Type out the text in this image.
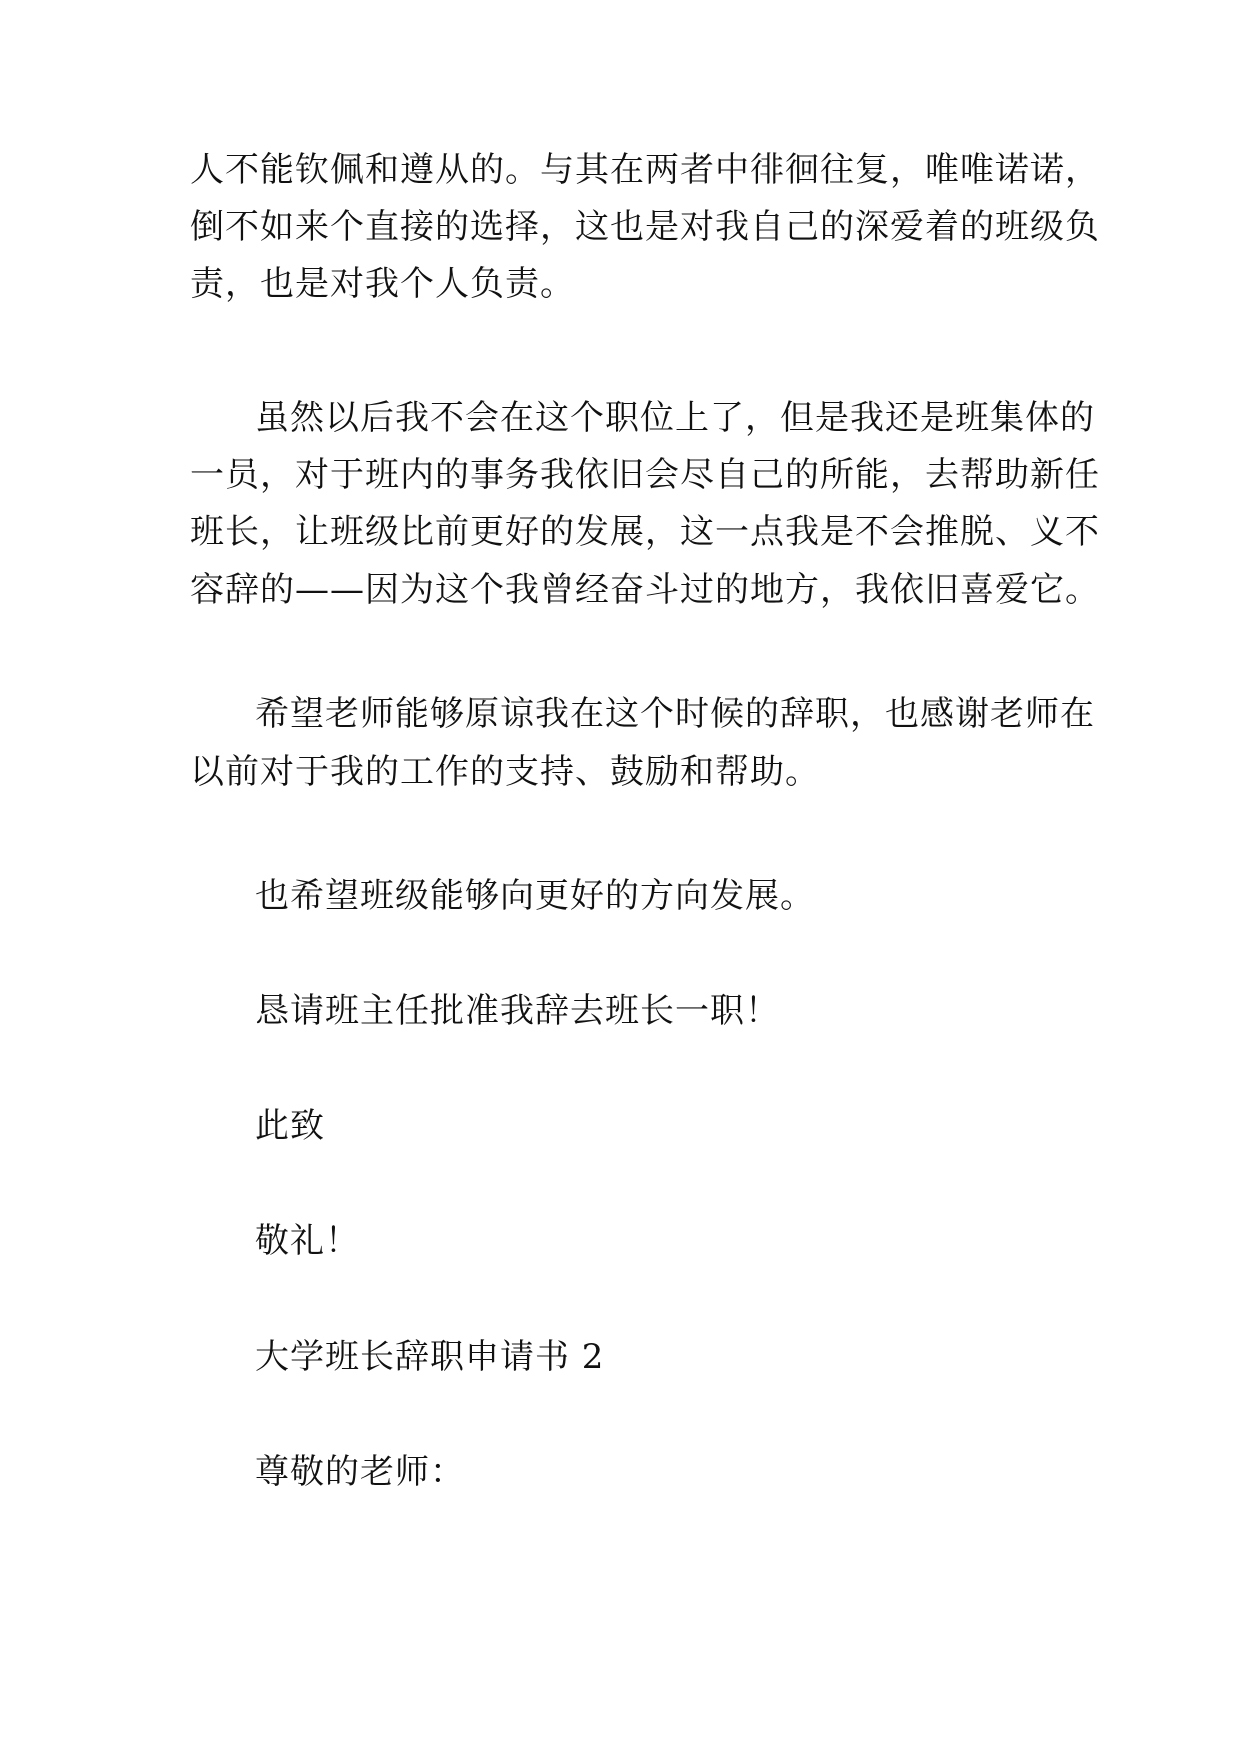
人不能钦佩和遵从的。与其在两者中徘徊往复，唯唯诺诺，
倒不如来个直接的选择，这也是对我自己的深爱着的班级负
责，也是对我个人负责。
虽然以后我不会在这个职位上了，但是我还是班集体的
一员，对于班内的事务我依旧会尽自己的所能，去帮助新任
班长，让班级比前更好的发展，这一点我是不会推脱、义不
容辞的——因为这个我曾经奋斗过的地方，我依旧喜爱它。
希望老师能够原谅我在这个时候的辞职，也感谢老师在
以前对于我的工作的支持、鼓励和帮助。
也希望班级能够向更好的方向发展。
恳请班主任批准我辞去班长一职！
此致
敬礼！
大学班长辞职申请书 2
尊敬的老师：
